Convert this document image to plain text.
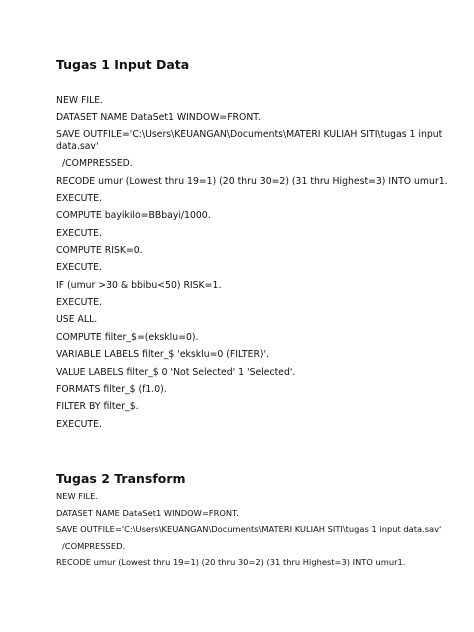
Tugas 1 Input Data

NEW FILE.

DATASET NAME DataSet1 WINDOW=FRONT.

SAVE OUTFILE='C:\Users\KEUANGAN\Documents\MATERI KULIAH SITI\tugas 1 input

data.sav'

/COMPRESSED.

RECODE umur (Lowest thru 19=1) (20 thru 30=2) (31 thru Highest=3) INTO umur1.

EXECUTE.

COMPUTE bayikilo=BBbayi/1000.

EXECUTE.

COMPUTE RISK=0.

EXECUTE.

IF (umur >30 & bbibu<50) RISK=1.

EXECUTE.

USE ALL.

COMPUTE filter_$=(eksklu=0).

VARIABLE LABELS filter_$ 'eksklu=0 (FILTER)'.

VALUE LABELS filter_$ 0 'Not Selected' 1 'Selected'.

FORMATS filter_$ (f1.0).

FILTER BY filter_$.

EXECUTE.

Tugas 2 Transform

NEW FILE.

DATASET NAME DataSet1 WINDOW=FRONT.

SAVE OUTFILE='C:\Users\KEUANGAN\Documents\MATERI KULIAH SITI\tugas 1 input data.sav'

/COMPRESSED.

RECODE umur (Lowest thru 19=1) (20 thru 30=2) (31 thru Highest=3) INTO umur1.
